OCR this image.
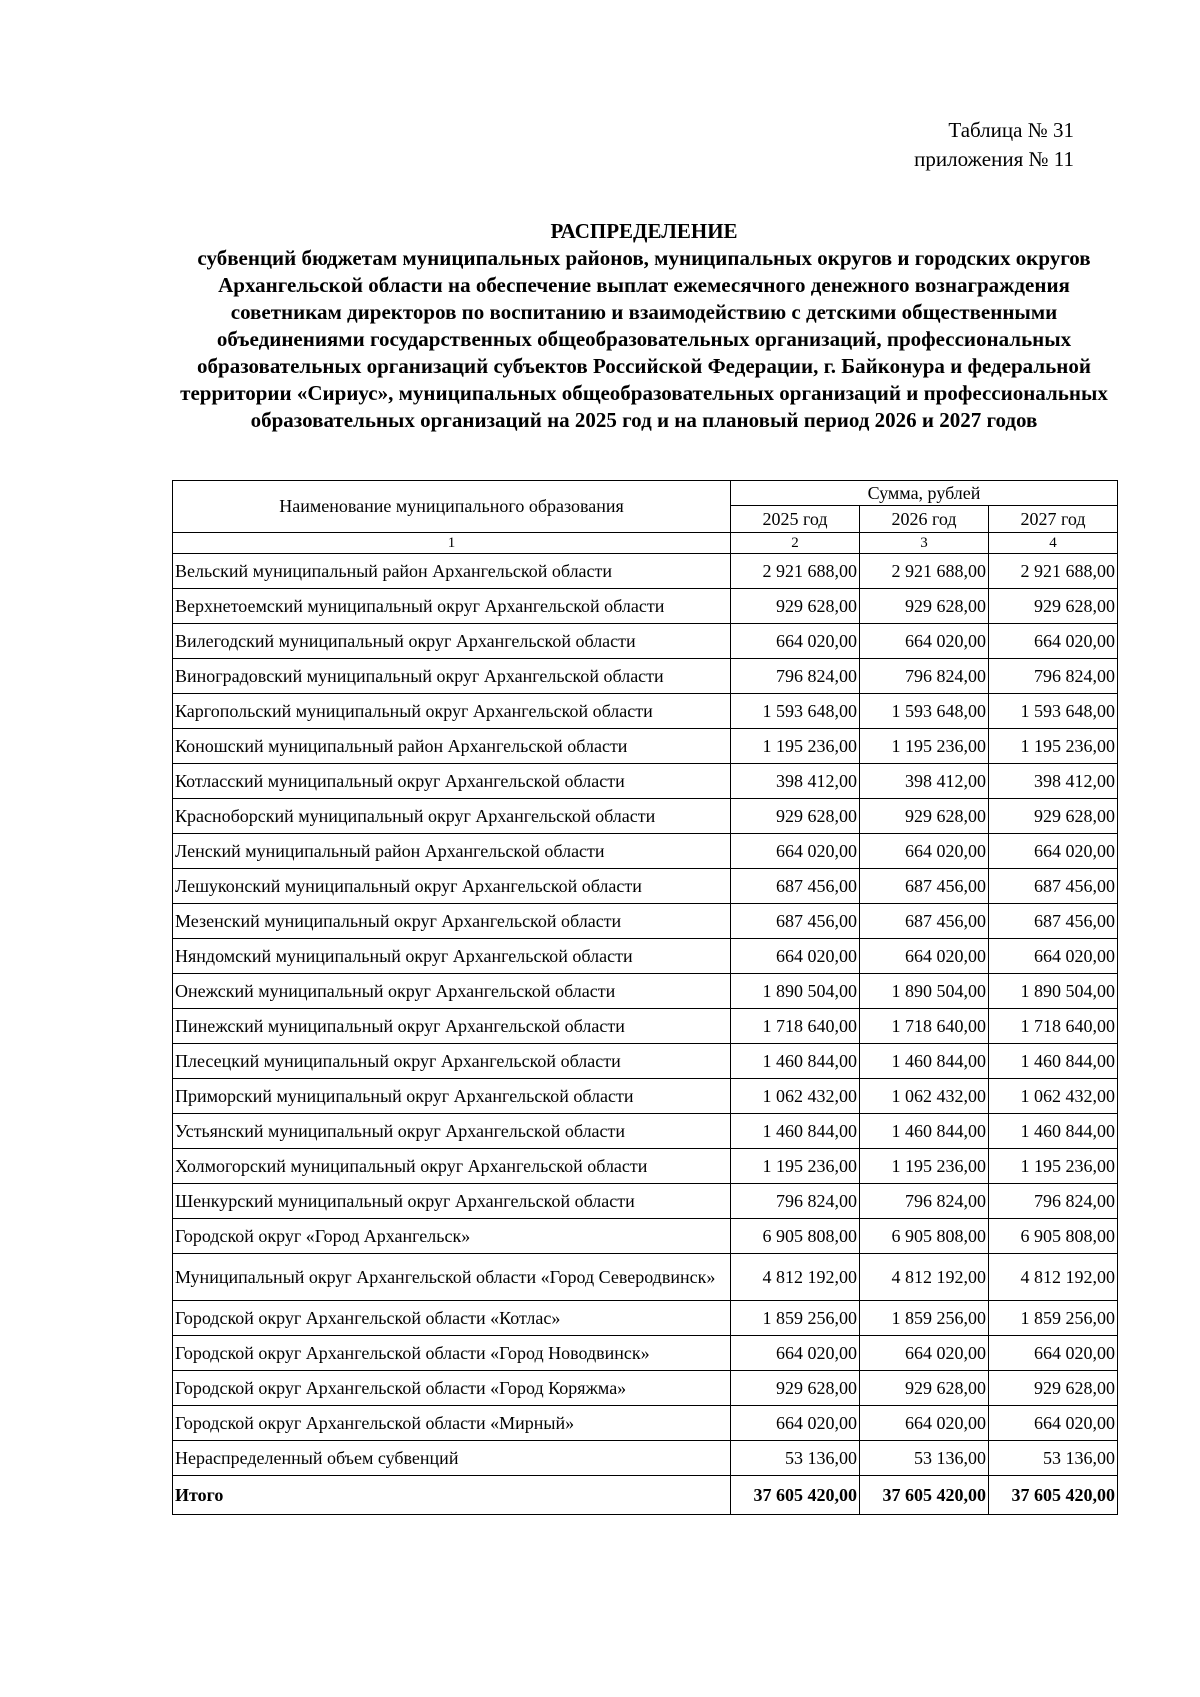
Таблица № 31
приложения № 11
РАСПРЕДЕЛЕНИЕ
субвенций бюджетам муниципальных районов, муниципальных округов и городских округов Архангельской области на обеспечение выплат ежемесячного денежного вознаграждения советникам директоров по воспитанию и взаимодействию с детскими общественными объединениями государственных общеобразовательных организаций, профессиональных образовательных организаций субъектов Российской Федерации, г. Байконура и федеральной территории «Сириус», муниципальных общеобразовательных организаций и профессиональных образовательных организаций на 2025 год и на плановый период 2026 и 2027 годов
Наименование муниципального образования	Сумма, рублей		
	2025 год	2026 год	2027 год
1	2	3	4
Вельский муниципальный район Архангельской области	2 921 688,00	2 921 688,00	2 921 688,00
Верхнетоемский муниципальный округ Архангельской области	929 628,00	929 628,00	929 628,00
Вилегодский муниципальный округ Архангельской области	664 020,00	664 020,00	664 020,00
Виноградовский муниципальный округ Архангельской области	796 824,00	796 824,00	796 824,00
Каргопольский муниципальный округ Архангельской области	1 593 648,00	1 593 648,00	1 593 648,00
Коношский муниципальный район Архангельской области	1 195 236,00	1 195 236,00	1 195 236,00
Котласский муниципальный округ Архангельской области	398 412,00	398 412,00	398 412,00
Красноборский муниципальный округ Архангельской области	929 628,00	929 628,00	929 628,00
Ленский муниципальный район Архангельской области	664 020,00	664 020,00	664 020,00
Лешуконский муниципальный округ Архангельской области	687 456,00	687 456,00	687 456,00
Мезенский муниципальный округ Архангельской области	687 456,00	687 456,00	687 456,00
Няндомский муниципальный округ Архангельской области	664 020,00	664 020,00	664 020,00
Онежский муниципальный округ Архангельской области	1 890 504,00	1 890 504,00	1 890 504,00
Пинежский муниципальный округ Архангельской области	1 718 640,00	1 718 640,00	1 718 640,00
Плесецкий муниципальный округ Архангельской области	1 460 844,00	1 460 844,00	1 460 844,00
Приморский муниципальный округ Архангельской области	1 062 432,00	1 062 432,00	1 062 432,00
Устьянский муниципальный округ Архангельской области	1 460 844,00	1 460 844,00	1 460 844,00
Холмогорский муниципальный округ Архангельской области	1 195 236,00	1 195 236,00	1 195 236,00
Шенкурский муниципальный округ Архангельской области	796 824,00	796 824,00	796 824,00
Городской округ «Город Архангельск»	6 905 808,00	6 905 808,00	6 905 808,00
Муниципальный округ Архангельской области «Город Северодвинск»	4 812 192,00	4 812 192,00	4 812 192,00
Городской округ Архангельской области «Котлас»	1 859 256,00	1 859 256,00	1 859 256,00
Городской округ Архангельской области «Город Новодвинск»	664 020,00	664 020,00	664 020,00
Городской округ Архангельской области «Город Коряжма»	929 628,00	929 628,00	929 628,00
Городской округ Архангельской области «Мирный»	664 020,00	664 020,00	664 020,00
Нераспределенный объем субвенций	53 136,00	53 136,00	53 136,00
Итого	37 605 420,00	37 605 420,00	37 605 420,00
